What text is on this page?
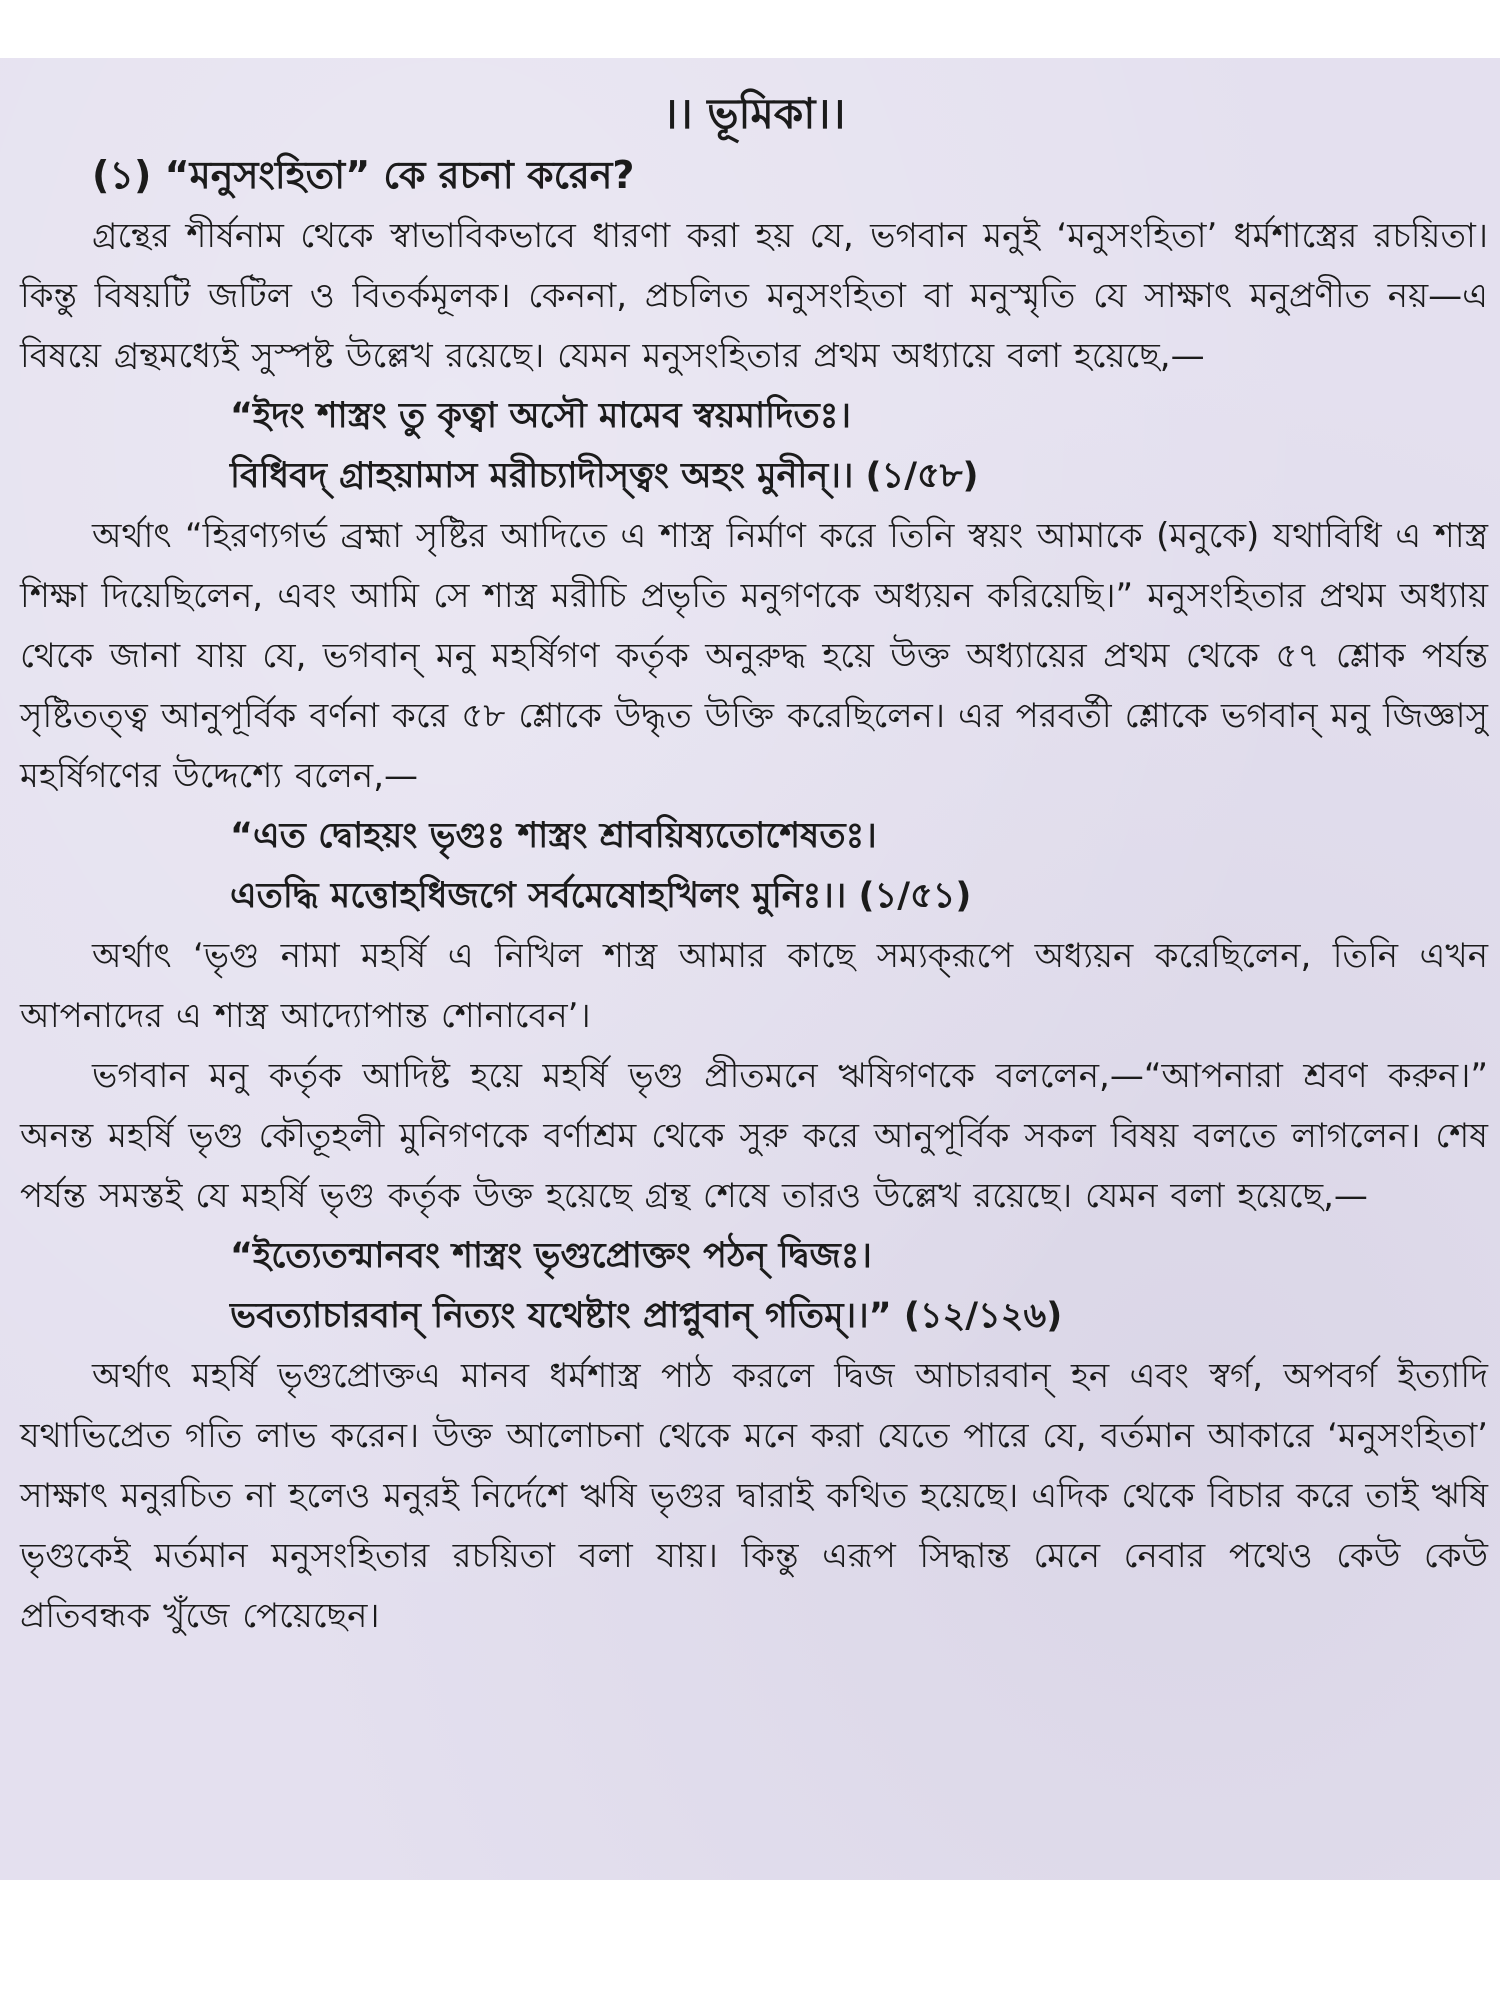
।। ভূমিকা।।
(১) “মনুসংহিতা” কে রচনা করেন?

গ্রন্থের শীর্ষনাম থেকে স্বাভাবিকভাবে ধারণা করা হয় যে, ভগবান মনুই ‘মনুসংহিতা’ ধর্মশাস্ত্রের রচয়িতা। কিন্তু বিষয়টি জটিল ও বিতর্কমূলক। কেননা, প্রচলিত মনুসংহিতা বা মনুস্মৃতি যে সাক্ষাৎ মনুপ্রণীত নয়—এ বিষয়ে গ্রন্থমধ্যেই সুস্পষ্ট উল্লেখ রয়েছে। যেমন মনুসংহিতার প্রথম অধ্যায়ে বলা হয়েছে,—

“ইদং শাস্ত্রং তু কৃত্বা অসৌ মামেব স্বয়মাদিতঃ।
বিধিবদ্ গ্রাহয়ামাস মরীচ্যাদীস্ত্বং অহং মুনীন্।। (১/৫৮)

অর্থাৎ “হিরণ্যগর্ভ ব্রহ্মা সৃষ্টির আদিতে এ শাস্ত্র নির্মাণ করে তিনি স্বয়ং আমাকে (মনুকে) যথাবিধি এ শাস্ত্র শিক্ষা দিয়েছিলেন, এবং আমি সে শাস্ত্র মরীচি প্রভৃতি মনুগণকে অধ্যয়ন করিয়েছি।” মনুসংহিতার প্রথম অধ্যায় থেকে জানা যায় যে, ভগবান্ মনু মহর্ষিগণ কর্তৃক অনুরুদ্ধ হয়ে উক্ত অধ্যায়ের প্রথম থেকে ৫৭ শ্লোক পর্যন্ত সৃষ্টিতত্ত্ব আনুপূর্বিক বর্ণনা করে ৫৮ শ্লোকে উদ্ধৃত উক্তি করেছিলেন। এর পরবর্তী শ্লোকে ভগবান্ মনু জিজ্ঞাসু মহর্ষিগণের উদ্দেশ্যে বলেন,—

“এত দ্বোহয়ং ভৃগুঃ শাস্ত্রং শ্রাবয়িষ্যতোশেষতঃ।
এতদ্ধি মত্তোহধিজগে সর্বমেষোহখিলং মুনিঃ।। (১/৫১)

অর্থাৎ ‘ভৃগু নামা মহর্ষি এ নিখিল শাস্ত্র আমার কাছে সম্যক্‌রূপে অধ্যয়ন করেছিলেন, তিনি এখন আপনাদের এ শাস্ত্র আদ্যোপান্ত শোনাবেন’।

ভগবান মনু কর্তৃক আদিষ্ট হয়ে মহর্ষি ভৃগু প্রীতমনে ঋষিগণকে বললেন,—“আপনারা শ্রবণ করুন।” অনন্ত মহর্ষি ভৃগু কৌতূহলী মুনিগণকে বর্ণাশ্রম থেকে সুরু করে আনুপূর্বিক সকল বিষয় বলতে লাগলেন। শেষ পর্যন্ত সমস্তই যে মহর্ষি ভৃগু কর্তৃক উক্ত হয়েছে গ্রন্থ শেষে তারও উল্লেখ রয়েছে। যেমন বলা হয়েছে,—

“ইত্যেতন্মানবং শাস্ত্রং ভৃগুপ্রোক্তং পঠন্ দ্বিজঃ।
ভবত্যাচারবান্ নিত্যং যথেষ্টাং প্রাপ্নুবান্ গতিম্।।” (১২/১২৬)

অর্থাৎ মহর্ষি ভৃগুপ্রোক্তএ মানব ধর্মশাস্ত্র পাঠ করলে দ্বিজ আচারবান্ হন এবং স্বর্গ, অপবর্গ ইত্যাদি যথাভিপ্রেত গতি লাভ করেন। উক্ত আলোচনা থেকে মনে করা যেতে পারে যে, বর্তমান আকারে ‘মনুসংহিতা’ সাক্ষাৎ মনুরচিত না হলেও মনুরই নির্দেশে ঋষি ভৃগুর দ্বারাই কথিত হয়েছে। এদিক থেকে বিচার করে তাই ঋষি ভৃগুকেই মর্তমান মনুসংহিতার রচয়িতা বলা যায়। কিন্তু এরূপ সিদ্ধান্ত মেনে নেবার পথেও কেউ কেউ প্রতিবন্ধক খুঁজে পেয়েছেন।
